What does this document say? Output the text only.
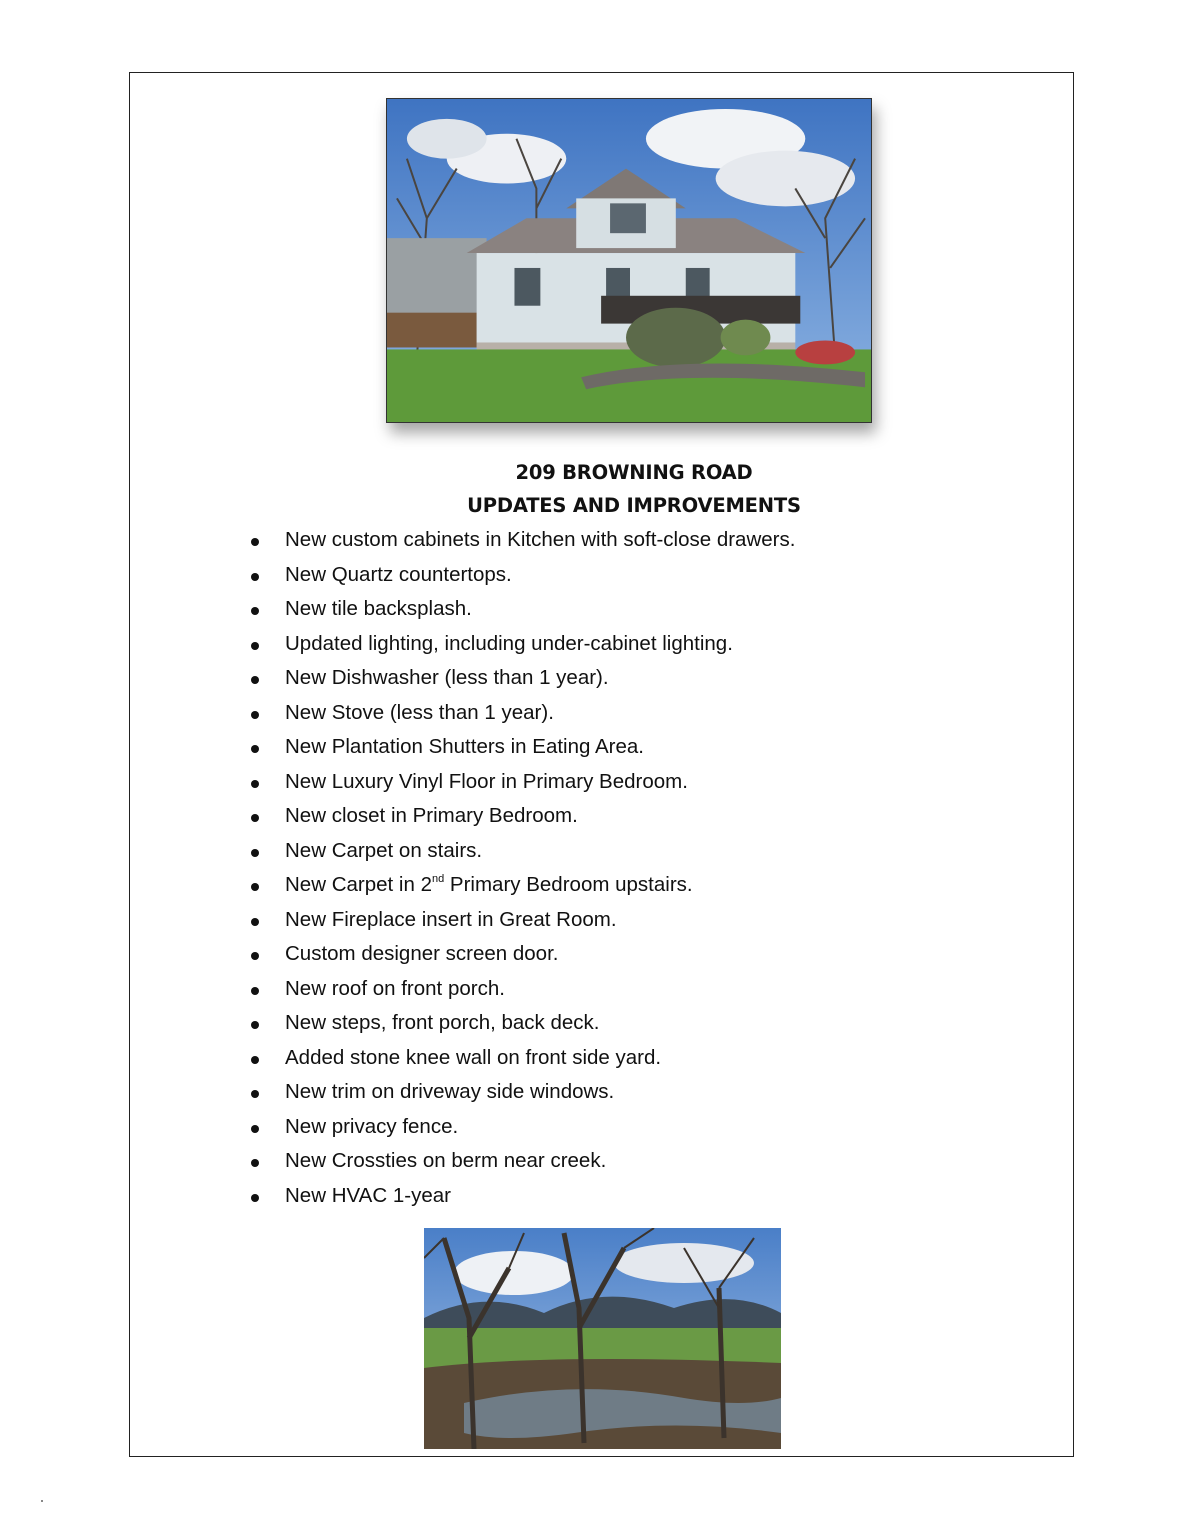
209 BROWNING ROAD
UPDATES AND IMPROVEMENTS
New custom cabinets in Kitchen with soft-close drawers.
New Quartz countertops.
New tile backsplash.
Updated lighting, including under-cabinet lighting.
New Dishwasher (less than 1 year).
New Stove (less than 1 year).
New Plantation Shutters in Eating Area.
New Luxury Vinyl Floor in Primary Bedroom.
New closet in Primary Bedroom.
New Carpet on stairs.
New Carpet in 2nd Primary Bedroom upstairs.
New Fireplace insert in Great Room.
Custom designer screen door.
New roof on front porch.
New steps, front porch, back deck.
Added stone knee wall on front side yard.
New trim on driveway side windows.
New privacy fence.
New Crossties on berm near creek.
New HVAC 1-year
